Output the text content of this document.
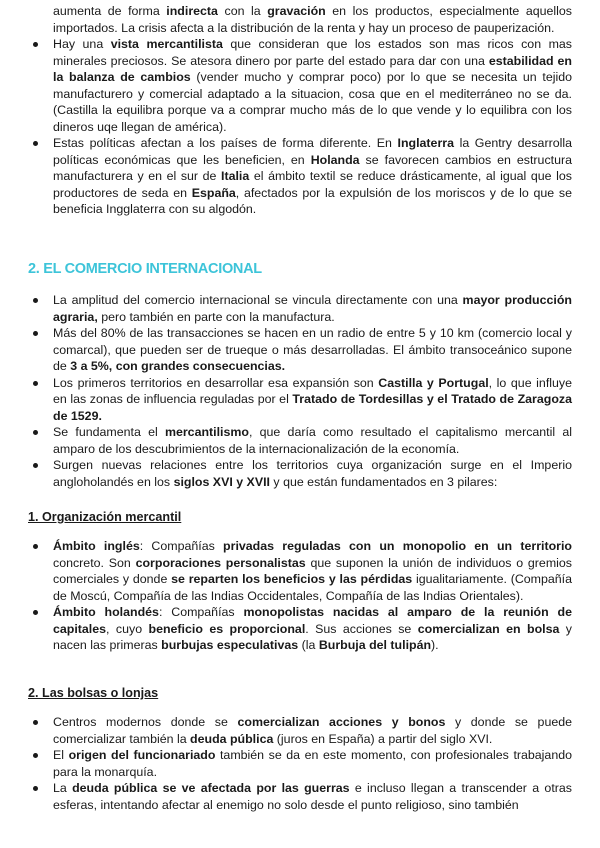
aumenta de forma indirecta con la gravación en los productos, especialmente aquellos importados. La crisis afecta a la distribución de la renta y hay un proceso de pauperización.

Hay una vista mercantilista que consideran que los estados son mas ricos con mas minerales preciosos. Se atesora dinero por parte del estado para dar con una estabilidad en la balanza de cambios (vender mucho y comprar poco) por lo que se necesita un tejido manufacturero y comercial adaptado a la situacion, cosa que en el mediterráneo no se da. (Castilla la equilibra porque va a comprar mucho más de lo que vende y lo equilibra con los dineros uqe llegan de américa).
Estas políticas afectan a los países de forma diferente. En Inglaterra la Gentry desarrolla políticas económicas que les beneficien, en Holanda se favorecen cambios en estructura manufacturera y en el sur de Italia el ámbito textil se reduce drásticamente, al igual que los productores de seda en España, afectados por la expulsión de los moriscos y de lo que se beneficia Ingglaterra con su algodón.
2. EL COMERCIO INTERNACIONAL
La amplitud del comercio internacional se vincula directamente con una mayor producción agraria, pero también en parte con la manufactura.
Más del 80% de las transacciones se hacen en un radio de entre 5 y 10 km (comercio local y comarcal), que pueden ser de trueque o más desarrolladas. El ámbito transoceánico supone de 3 a 5%, con grandes consecuencias.
Los primeros territorios en desarrollar esa expansión son Castilla y Portugal, lo que influye en las zonas de influencia reguladas por el Tratado de Tordesillas y el Tratado de Zaragoza de 1529.
Se fundamenta el mercantilismo, que daría como resultado el capitalismo mercantil al amparo de los descubrimientos de la internacionalización de la economía.
Surgen nuevas relaciones entre los territorios cuya organización surge en el Imperio angloholandés en los siglos XVI y XVII y que están fundamentados en 3 pilares:
1. Organización mercantil
Ámbito inglés: Compañías privadas reguladas con un monopolio en un territorio concreto. Son corporaciones personalistas que suponen la unión de individuos o gremios comerciales y donde se reparten los beneficios y las pérdidas igualitariamente. (Compañía de Moscú, Compañía de las Indias Occidentales, Compañía de las Indias Orientales).
Ámbito holandés: Compañías monopolistas nacidas al amparo de la reunión de capitales, cuyo beneficio es proporcional. Sus acciones se comercializan en bolsa y nacen las primeras burbujas especulativas (la Burbuja del tulipán).
2. Las bolsas o lonjas
Centros modernos donde se comercializan acciones y bonos y donde se puede comercializar también la deuda pública (juros en España) a partir del siglo XVI.
El origen del funcionariado también se da en este momento, con profesionales trabajando para la monarquía.
La deuda pública se ve afectada por las guerras e incluso llegan a transcender a otras esferas, intentando afectar al enemigo no solo desde el punto religioso, sino también
